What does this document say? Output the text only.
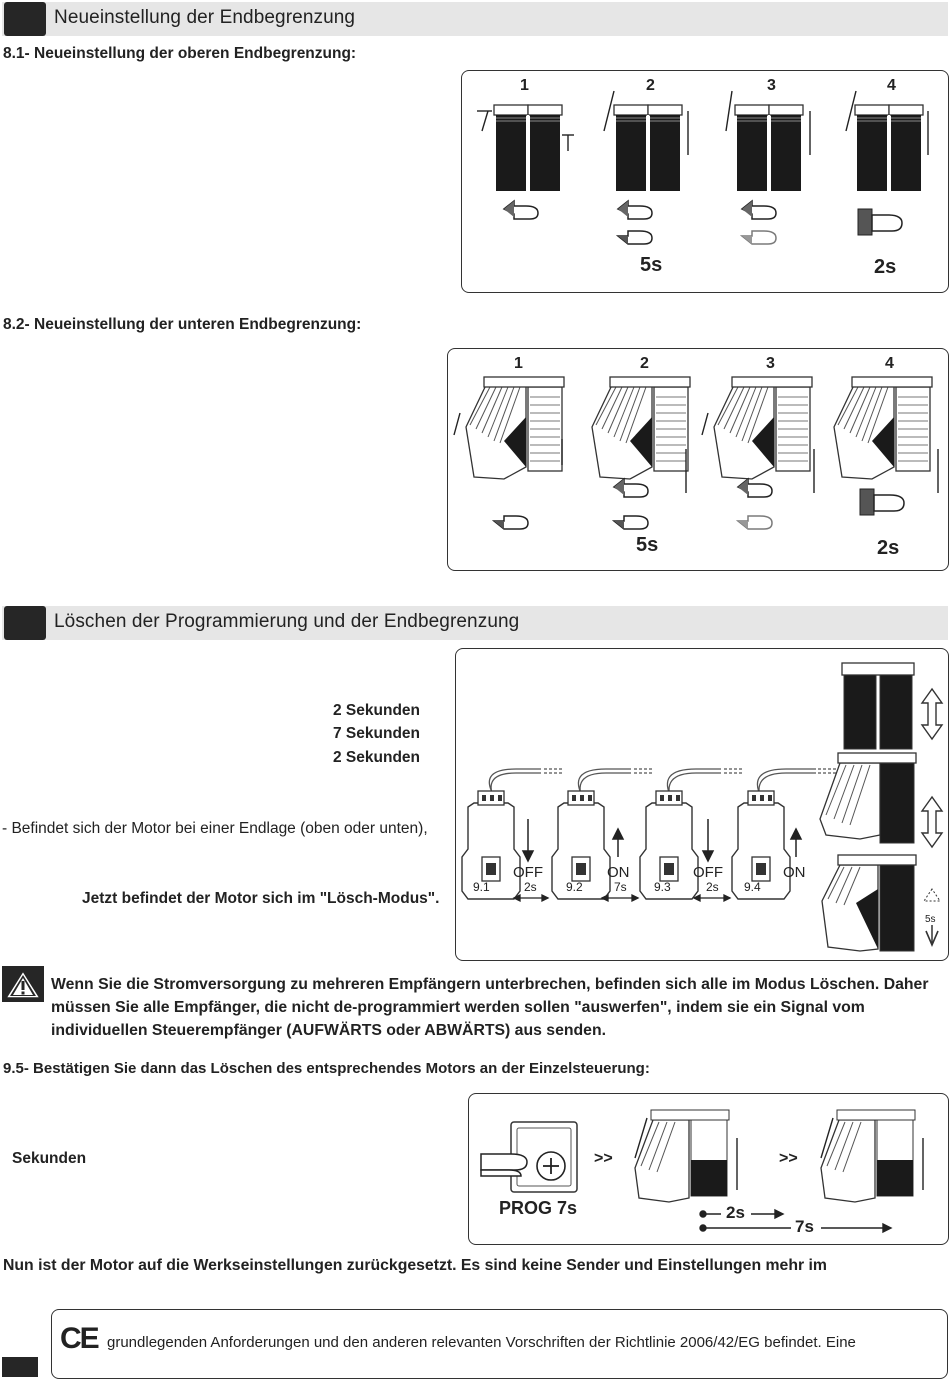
Neueinstellung der Endbegrenzung
8.1- Neueinstellung der oberen Endbegrenzung:
1	2	3	4
5s	2s
8.2- Neueinstellung der unteren Endbegrenzung:
1	2	3	4
5s	2s
Löschen der Programmierung und der Endbegrenzung
2 Sekunden
7 Sekunden
2 Sekunden
- Befindet sich der Motor bei einer Endlage (oben oder unten),
Jetzt befindet der Motor sich im "Lösch-Modus".
OFF	ON	OFF	ON
9.1	9.2	9.3	9.4
2s	7s	2s
5s
Wenn Sie die Stromversorgung zu mehreren Empfängern unterbrechen, befinden sich alle im Modus Löschen. Daher müssen Sie alle Empfänger, die nicht de-programmiert werden sollen "auswerfen", indem sie ein Signal vom individuellen Steuerempfänger (AUFWÄRTS oder ABWÄRTS) aus senden.
9.5- Bestätigen Sie dann das Löschen des entsprechendes Motors an der Einzelsteuerung:
Sekunden
PROG 7s
>>	>>
2s
7s
Nun ist der Motor auf die Werkseinstellungen zurückgesetzt. Es sind keine Sender und Einstellungen mehr im
CE grundlegenden Anforderungen und den anderen relevanten Vorschriften der Richtlinie 2006/42/EG befindet. Eine
